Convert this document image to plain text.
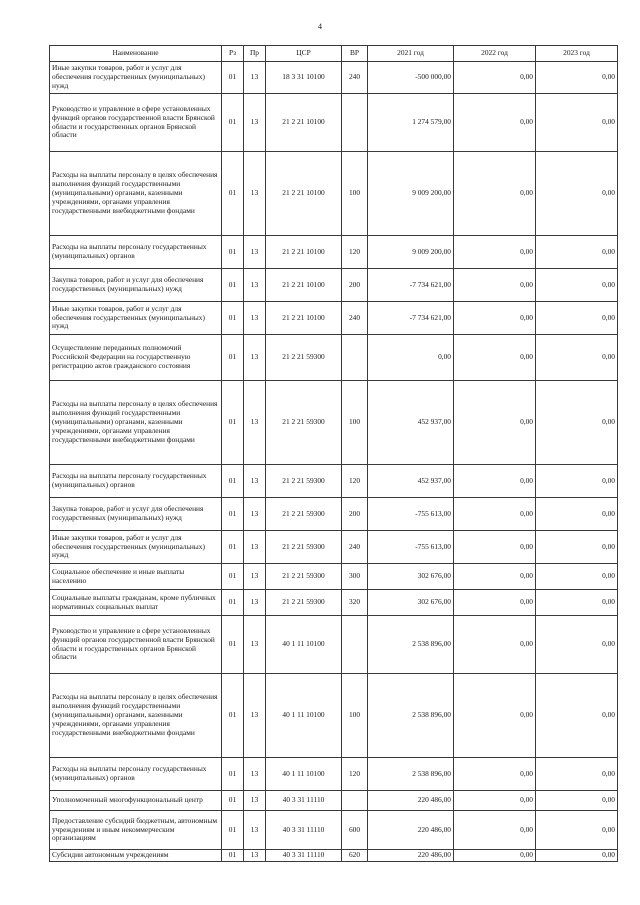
4
Наименование	Рз	Пр	ЦСР	ВР	2021 год	2022 год	2023 год
Иные закупки товаров, работ и услуг для обеспечения государственных (муниципальных) нужд	01	13	18 3 31 10100	240	-500 000,00	0,00	0,00
Руководство и управление в сфере установленных функций органов государственной власти Брянской области и государственных органов Брянской области	01	13	21 2 21 10100		1 274 579,00	0,00	0,00
Расходы на выплаты персоналу в целях обеспечения выполнения функций государственными (муниципальными) органами, казенными учреждениями, органами управления государственными внебюджетными фондами	01	13	21 2 21 10100	100	9 009 200,00	0,00	0,00
Расходы на выплаты персоналу государственных (муниципальных) органов	01	13	21 2 21 10100	120	9 009 200,00	0,00	0,00
Закупка товаров, работ и услуг для обеспечения государственных (муниципальных) нужд	01	13	21 2 21 10100	200	-7 734 621,00	0,00	0,00
Иные закупки товаров, работ и услуг для обеспечения государственных (муниципальных) нужд	01	13	21 2 21 10100	240	-7 734 621,00	0,00	0,00
Осуществление переданных полномочий Российской Федерации на государственную регистрацию актов гражданского состояния	01	13	21 2 21 59300		0,00	0,00	0,00
Расходы на выплаты персоналу в целях обеспечения выполнения функций государственными (муниципальными) органами, казенными учреждениями, органами управления государственными внебюджетными фондами	01	13	21 2 21 59300	100	452 937,00	0,00	0,00
Расходы на выплаты персоналу государственных (муниципальных) органов	01	13	21 2 21 59300	120	452 937,00	0,00	0,00
Закупка товаров, работ и услуг для обеспечения государственных (муниципальных) нужд	01	13	21 2 21 59300	200	-755 613,00	0,00	0,00
Иные закупки товаров, работ и услуг для обеспечения государственных (муниципальных) нужд	01	13	21 2 21 59300	240	-755 613,00	0,00	0,00
Социальное обеспечение и иные выплаты населению	01	13	21 2 21 59300	300	302 676,00	0,00	0,00
Социальные выплаты гражданам, кроме публичных нормативных социальных выплат	01	13	21 2 21 59300	320	302 676,00	0,00	0,00
Руководство и управление в сфере установленных функций органов государственной власти Брянской области и государственных органов Брянской области	01	13	40 1 11 10100		2 538 896,00	0,00	0,00
Расходы на выплаты персоналу в целях обеспечения выполнения функций государственными (муниципальными) органами, казенными учреждениями, органами управления государственными внебюджетными фондами	01	13	40 1 11 10100	100	2 538 896,00	0,00	0,00
Расходы на выплаты персоналу государственных (муниципальных) органов	01	13	40 1 11 10100	120	2 538 896,00	0,00	0,00
Уполномоченный многофункциональный центр	01	13	40 3 31 11110		220 486,00	0,00	0,00
Предоставление субсидий бюджетным, автономным учреждениям и иным некоммерческим организациям	01	13	40 3 31 11110	600	220 486,00	0,00	0,00
Субсидии автономным учреждениям	01	13	40 3 31 11110	620	220 486,00	0,00	0,00
